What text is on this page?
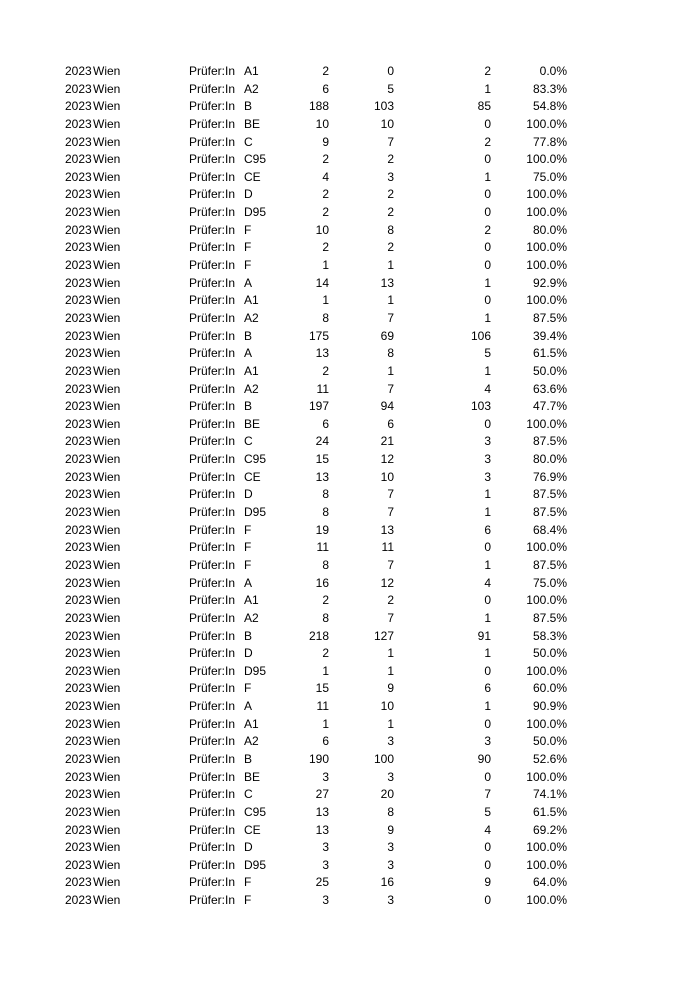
2023 Wien	Prüfer:In A1	2	0	2	0.0%
2023 Wien	Prüfer:In A2	6	5	1	83.3%
2023 Wien	Prüfer:In B	188	103	85	54.8%
2023 Wien	Prüfer:In BE	10	10	0	100.0%
2023 Wien	Prüfer:In C	9	7	2	77.8%
2023 Wien	Prüfer:In C95	2	2	0	100.0%
2023 Wien	Prüfer:In CE	4	3	1	75.0%
2023 Wien	Prüfer:In D	2	2	0	100.0%
2023 Wien	Prüfer:In D95	2	2	0	100.0%
2023 Wien	Prüfer:In F	10	8	2	80.0%
2023 Wien	Prüfer:In F	2	2	0	100.0%
2023 Wien	Prüfer:In F	1	1	0	100.0%
2023 Wien	Prüfer:In A	14	13	1	92.9%
2023 Wien	Prüfer:In A1	1	1	0	100.0%
2023 Wien	Prüfer:In A2	8	7	1	87.5%
2023 Wien	Prüfer:In B	175	69	106	39.4%
2023 Wien	Prüfer:In A	13	8	5	61.5%
2023 Wien	Prüfer:In A1	2	1	1	50.0%
2023 Wien	Prüfer:In A2	11	7	4	63.6%
2023 Wien	Prüfer:In B	197	94	103	47.7%
2023 Wien	Prüfer:In BE	6	6	0	100.0%
2023 Wien	Prüfer:In C	24	21	3	87.5%
2023 Wien	Prüfer:In C95	15	12	3	80.0%
2023 Wien	Prüfer:In CE	13	10	3	76.9%
2023 Wien	Prüfer:In D	8	7	1	87.5%
2023 Wien	Prüfer:In D95	8	7	1	87.5%
2023 Wien	Prüfer:In F	19	13	6	68.4%
2023 Wien	Prüfer:In F	11	11	0	100.0%
2023 Wien	Prüfer:In F	8	7	1	87.5%
2023 Wien	Prüfer:In A	16	12	4	75.0%
2023 Wien	Prüfer:In A1	2	2	0	100.0%
2023 Wien	Prüfer:In A2	8	7	1	87.5%
2023 Wien	Prüfer:In B	218	127	91	58.3%
2023 Wien	Prüfer:In D	2	1	1	50.0%
2023 Wien	Prüfer:In D95	1	1	0	100.0%
2023 Wien	Prüfer:In F	15	9	6	60.0%
2023 Wien	Prüfer:In A	11	10	1	90.9%
2023 Wien	Prüfer:In A1	1	1	0	100.0%
2023 Wien	Prüfer:In A2	6	3	3	50.0%
2023 Wien	Prüfer:In B	190	100	90	52.6%
2023 Wien	Prüfer:In BE	3	3	0	100.0%
2023 Wien	Prüfer:In C	27	20	7	74.1%
2023 Wien	Prüfer:In C95	13	8	5	61.5%
2023 Wien	Prüfer:In CE	13	9	4	69.2%
2023 Wien	Prüfer:In D	3	3	0	100.0%
2023 Wien	Prüfer:In D95	3	3	0	100.0%
2023 Wien	Prüfer:In F	25	16	9	64.0%
2023 Wien	Prüfer:In F	3	3	0	100.0%
